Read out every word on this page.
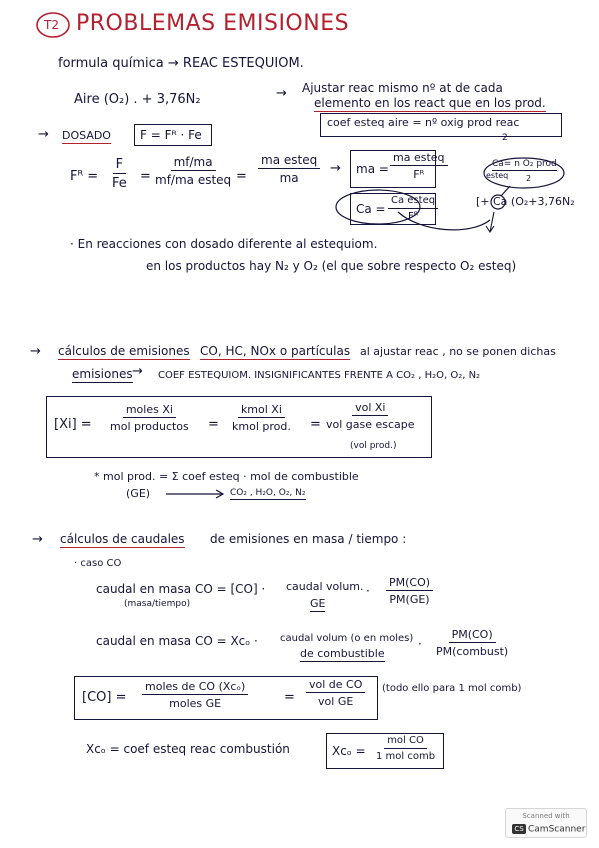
T2 PROBLEMAS EMISIONES
formula química → REAC ESTEQUIOM.
Aire (O₂) . + 3,76N₂	→ Ajustar reac mismo nº at de cada
elemento en los react que en los prod.
coef esteq aire = nº oxig prod reac
2
→ DOSADO F = Fᴿ · Fe
Fᴿ = $\frac{F}{Fe}$ =
mf/ma
mf/ma esteq =
ma esteq
ma
→ ma =
ma esteq
Fᴿ
Ca =
Ca esteq
Fᴿ
Ca= n O₂ prod
esteq 2
[+ Ca (O₂+3,76N₂
· En reacciones con dosado diferente al estequiom.
en los productos hay N₂ y O₂ (el que sobre respecto O₂ esteq)
→ cálculos de emisiones CO, HC, NOx o partículas al ajustar reac , no se ponen dichas
emisiones → COEF ESTEQUIOM. INSIGNIFICANTES FRENTE A CO₂ , H₂O, O₂, N₂
[Xi] =
moles Xi
mol productos =
kmol Xi
kmol prod. =
vol Xi
vol gase escape
(vol prod.)
* mol prod. = Σ coef esteq · mol de combustible
(GE)	CO₂ , H₂O, O₂, N₂
→ cálculos de caudales de emisiones en masa / tiempo :
· caso CO
caudal en masa CO = [CO] ·
(masa/tiempo)
caudal volum.
GE
· $\frac{PM(CO)}{PM(GE)}$
caudal en masa CO = Xᴄₒ · caudal volum (o en moles)
de combustible
·
PM(CO)
PM(combust)
[CO] =
moles de CO (Xᴄₒ)
moles GE	=
vol de CO
vol GE
(todo ello para 1 mol comb)
Xᴄₒ = coef esteq reac combustión	Xᴄₒ =
mol CO
1 mol comb
Scanned with
CS CamScanner
